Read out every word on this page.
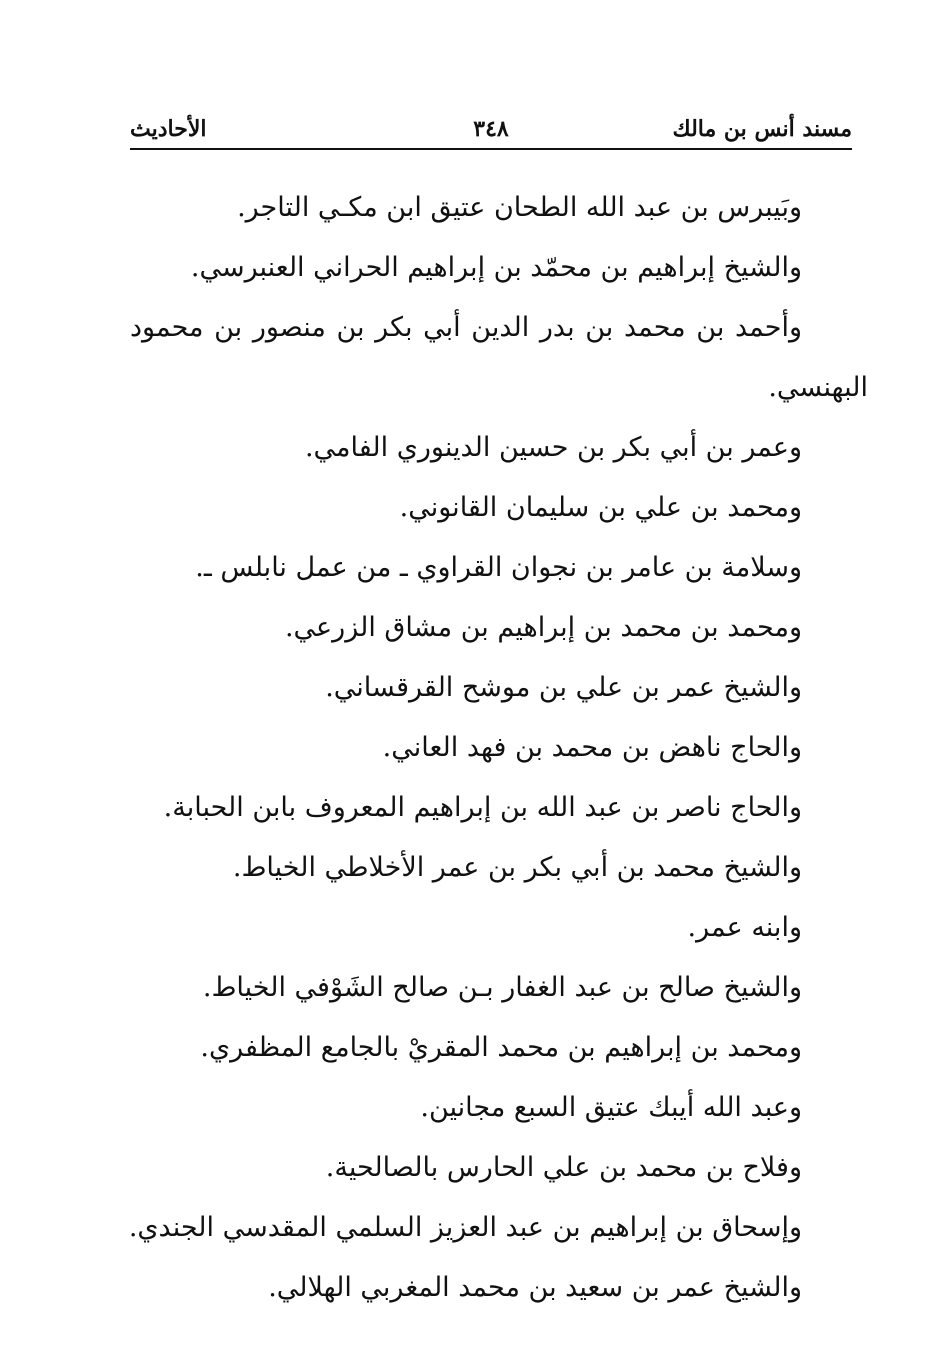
مسند أنس بن مالك
٣٤٨
الأحاديث
وبَيبرس بن عبد الله الطحان عتيق ابن مكـي التاجر.
والشيخ إبراهيم بن محمّد بن إبراهيم الحراني العنبرسي.
وأحمد بن محمد بن بدر الدين أبي بكر بن منصور بن محمود
البهنسي.
وعمر بن أبي بكر بن حسين الدينوري الفامي.
ومحمد بن علي بن سليمان القانوني.
وسلامة بن عامر بن نجوان القراوي ـ من عمل نابلس ـ.
ومحمد بن محمد بن إبراهيم بن مشاق الزرعي.
والشيخ عمر بن علي بن موشح القرقساني.
والحاج ناهض بن محمد بن فهد العاني.
والحاج ناصر بن عبد الله بن إبراهيم المعروف بابن الحبابة.
والشيخ محمد بن أبي بكر بن عمر الأخلاطي الخياط.
وابنه عمر.
والشيخ صالح بن عبد الغفار بـن صالح الشَوْفي الخياط.
ومحمد بن إبراهيم بن محمد المقريْ بالجامع المظفري.
وعبد الله أيبك عتيق السبع مجانين.
وفلاح بن محمد بن علي الحارس بالصالحية.
وإسحاق بن إبراهيم بن عبد العزيز السلمي المقدسي الجندي.
والشيخ عمر بن سعيد بن محمد المغربي الهلالي.
